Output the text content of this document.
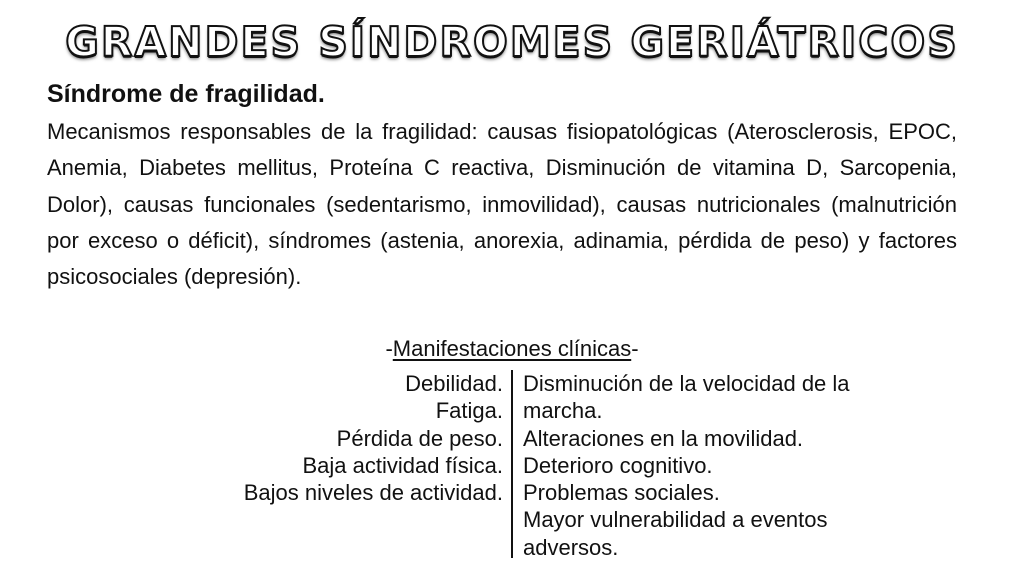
GRANDES SÍNDROMES GERIÁTRICOS
Síndrome de fragilidad.

Mecanismos responsables de la fragilidad: causas fisiopatológicas (Aterosclerosis, EPOC, Anemia, Diabetes mellitus, Proteína C reactiva, Disminución de vitamina D, Sarcopenia, Dolor), causas funcionales (sedentarismo, inmovilidad), causas nutricionales (malnutrición por exceso o déficit), síndromes (astenia, anorexia, adinamia, pérdida de peso) y factores psicosociales (depresión).

-Manifestaciones clínicas-

Debilidad.
Fatiga.
Pérdida de peso.
Baja actividad física.
Bajos niveles de actividad.
Disminución de la velocidad de la marcha.
Alteraciones en la movilidad.
Deterioro cognitivo.
Problemas sociales.
Mayor vulnerabilidad a eventos adversos.
